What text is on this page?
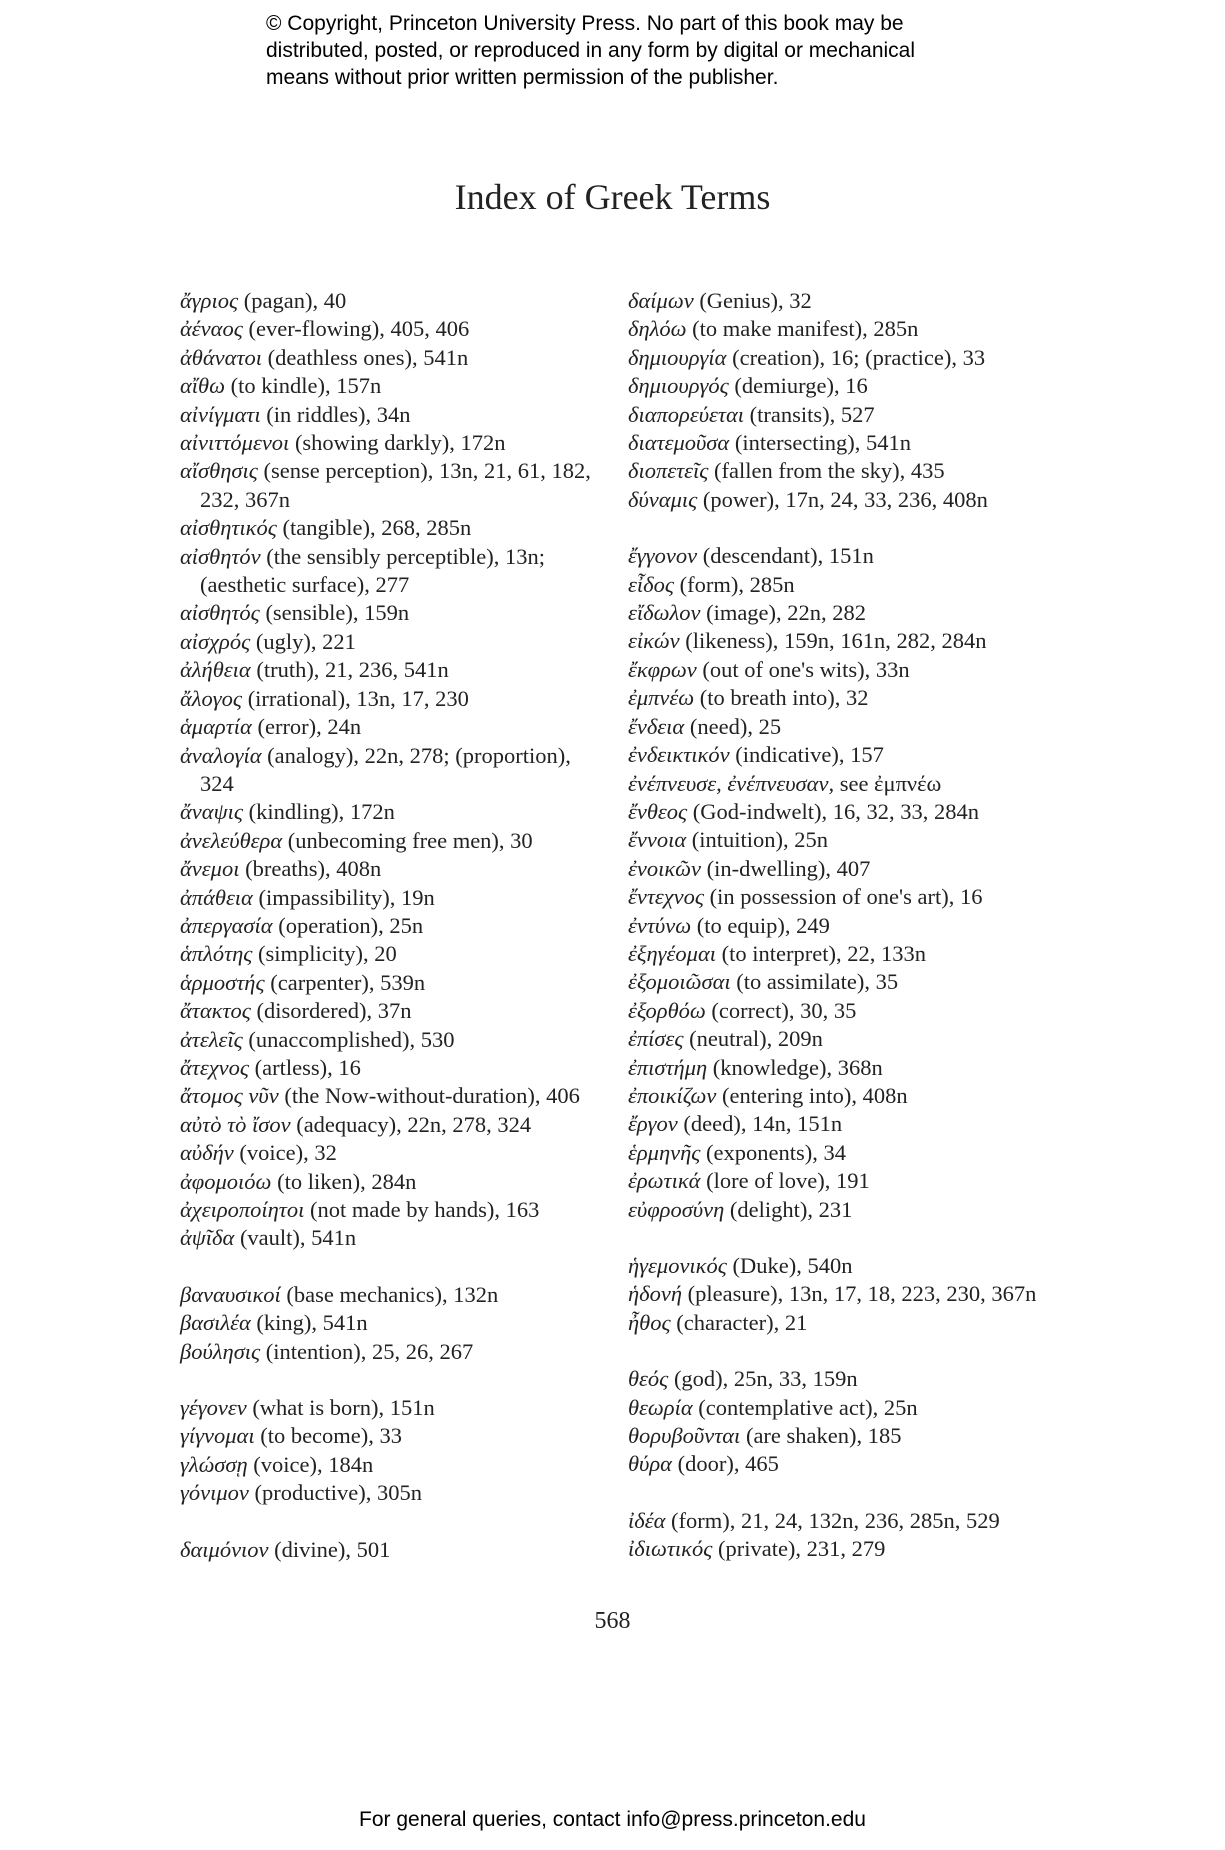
© Copyright, Princeton University Press. No part of this book may be
distributed, posted, or reproduced in any form by digital or mechanical
means without prior written permission of the publisher.
Index of Greek Terms
ἄγριος (pagan), 40
ἀέναος (ever-flowing), 405, 406
ἀθάνατοι (deathless ones), 541n
αἴθω (to kindle), 157n
αἰνίγματι (in riddles), 34n
αἰνιττόμενοι (showing darkly), 172n
αἴσθησις (sense perception), 13n, 21, 61, 182, 232, 367n
αἰσθητικός (tangible), 268, 285n
αἰσθητόν (the sensibly perceptible), 13n; (aesthetic surface), 277
αἰσθητός (sensible), 159n
αἰσχρός (ugly), 221
ἀλήθεια (truth), 21, 236, 541n
ἄλογος (irrational), 13n, 17, 230
ἁμαρτία (error), 24n
ἀναλογία (analogy), 22n, 278; (proportion), 324
ἄναψις (kindling), 172n
ἀνελεύθερα (unbecoming free men), 30
ἄνεμοι (breaths), 408n
ἀπάθεια (impassibility), 19n
ἀπεργασία (operation), 25n
ἁπλότης (simplicity), 20
ἁρμοστής (carpenter), 539n
ἄτακτος (disordered), 37n
ἀτελεῖς (unaccomplished), 530
ἄτεχνος (artless), 16
ἄτομος νῦν (the Now-without-duration), 406
αὐτὸ τὸ ἴσον (adequacy), 22n, 278, 324
αὐδήν (voice), 32
ἀφομοιόω (to liken), 284n
ἀχειροποίητοι (not made by hands), 163
ἀψῖδα (vault), 541n
βαναυσικοί (base mechanics), 132n
βασιλέα (king), 541n
βούλησις (intention), 25, 26, 267
γέγονεν (what is born), 151n
γίγνομαι (to become), 33
γλώσσῃ (voice), 184n
γόνιμον (productive), 305n
δαιμόνιον (divine), 501
δαίμων (Genius), 32
δηλόω (to make manifest), 285n
δημιουργία (creation), 16; (practice), 33
δημιουργός (demiurge), 16
διαπορεύεται (transits), 527
διατεμοῦσα (intersecting), 541n
διοπετεῖς (fallen from the sky), 435
δύναμις (power), 17n, 24, 33, 236, 408n
ἔγγονον (descendant), 151n
εἶδος (form), 285n
εἴδωλον (image), 22n, 282
εἰκών (likeness), 159n, 161n, 282, 284n
ἔκφρων (out of one's wits), 33n
ἐμπνέω (to breath into), 32
ἔνδεια (need), 25
ἐνδεικτικόν (indicative), 157
ἐνέπνευσε, ἐνέπνευσαν, see ἐμπνέω
ἔνθεος (God-indwelt), 16, 32, 33, 284n
ἔννοια (intuition), 25n
ἐνοικῶν (in-dwelling), 407
ἔντεχνος (in possession of one's art), 16
ἐντύνω (to equip), 249
ἐξηγέομαι (to interpret), 22, 133n
ἐξομοιῶσαι (to assimilate), 35
ἐξορθόω (correct), 30, 35
ἐπίσες (neutral), 209n
ἐπιστήμη (knowledge), 368n
ἐποικίζων (entering into), 408n
ἔργον (deed), 14n, 151n
ἑρμηνῆς (exponents), 34
ἐρωτικά (lore of love), 191
εὐφροσύνη (delight), 231
ἡγεμονικός (Duke), 540n
ἡδονή (pleasure), 13n, 17, 18, 223, 230, 367n
ἦθος (character), 21
θεός (god), 25n, 33, 159n
θεωρία (contemplative act), 25n
θορυβοῦνται (are shaken), 185
θύρα (door), 465
ἰδέα (form), 21, 24, 132n, 236, 285n, 529
ἰδιωτικός (private), 231, 279
568
For general queries, contact info@press.princeton.edu
